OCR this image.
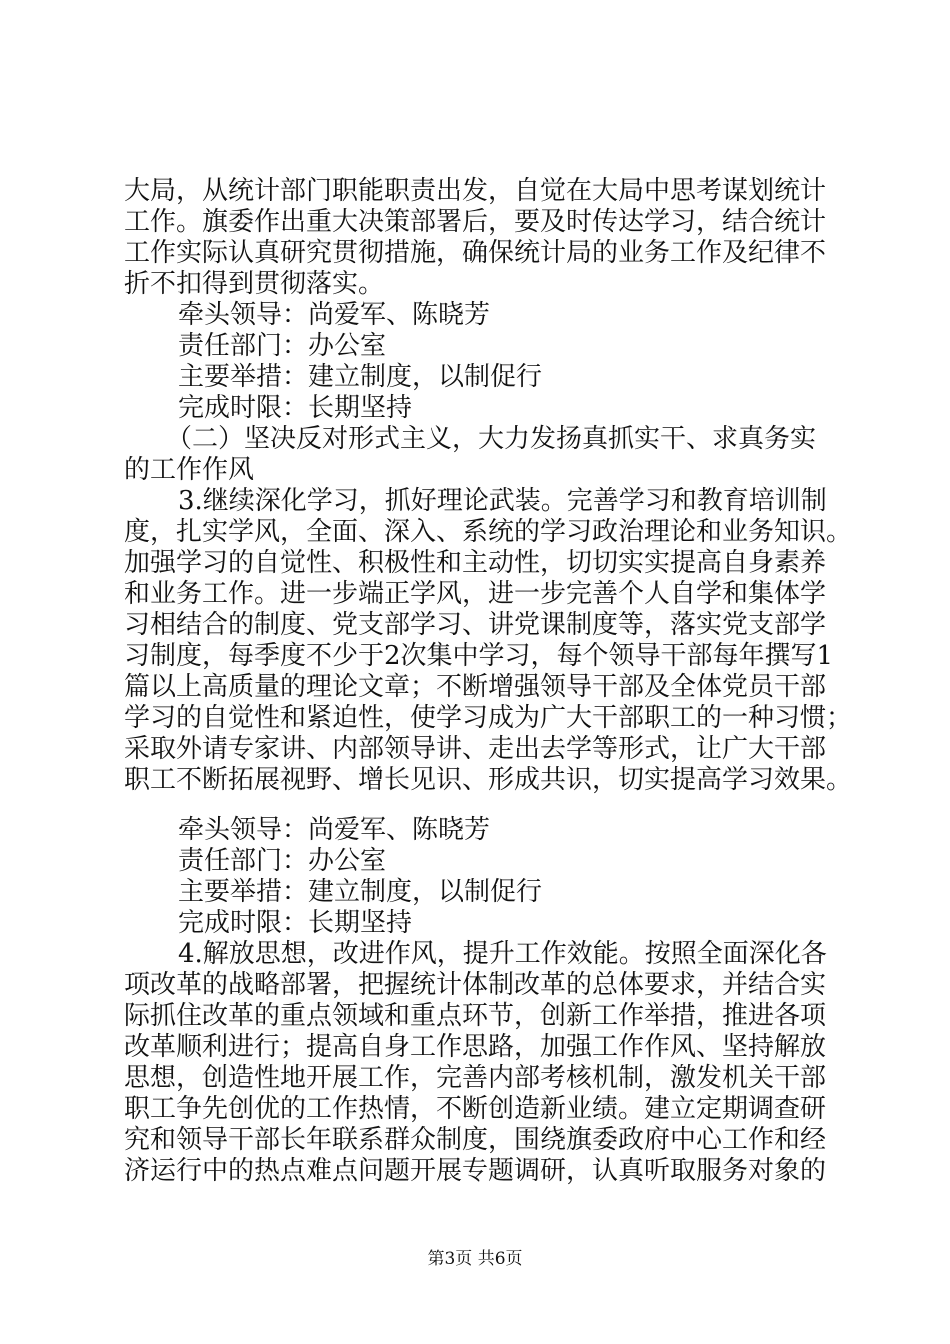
大局，从统计部门职能职责出发，自觉在大局中思考谋划统计
工作。旗委作出重大决策部署后，要及时传达学习，结合统计
工作实际认真研究贯彻措施，确保统计局的业务工作及纪律不
折不扣得到贯彻落实。
牵头领导：尚爱军、陈晓芳
责任部门：办公室
主要举措：建立制度，以制促行
完成时限：长期坚持
（二）坚决反对形式主义，大力发扬真抓实干、求真务实
的工作作风
3.继续深化学习，抓好理论武装。完善学习和教育培训制
度，扎实学风，全面、深入、系统的学习政治理论和业务知识。
加强学习的自觉性、积极性和主动性，切切实实提高自身素养
和业务工作。进一步端正学风，进一步完善个人自学和集体学
习相结合的制度、党支部学习、讲党课制度等，落实党支部学
习制度，每季度不少于2次集中学习，每个领导干部每年撰写1
篇以上高质量的理论文章；不断增强领导干部及全体党员干部
学习的自觉性和紧迫性，使学习成为广大干部职工的一种习惯；
采取外请专家讲、内部领导讲、走出去学等形式，让广大干部
职工不断拓展视野、增长见识、形成共识，切实提高学习效果。
牵头领导：尚爱军、陈晓芳
责任部门：办公室
主要举措：建立制度，以制促行
完成时限：长期坚持
4.解放思想，改进作风，提升工作效能。按照全面深化各
项改革的战略部署，把握统计体制改革的总体要求，并结合实
际抓住改革的重点领域和重点环节，创新工作举措，推进各项
改革顺利进行；提高自身工作思路，加强工作作风、坚持解放
思想，创造性地开展工作，完善内部考核机制，激发机关干部
职工争先创优的工作热情，不断创造新业绩。建立定期调查研
究和领导干部长年联系群众制度，围绕旗委政府中心工作和经
济运行中的热点难点问题开展专题调研，认真听取服务对象的
第3页 共6页
